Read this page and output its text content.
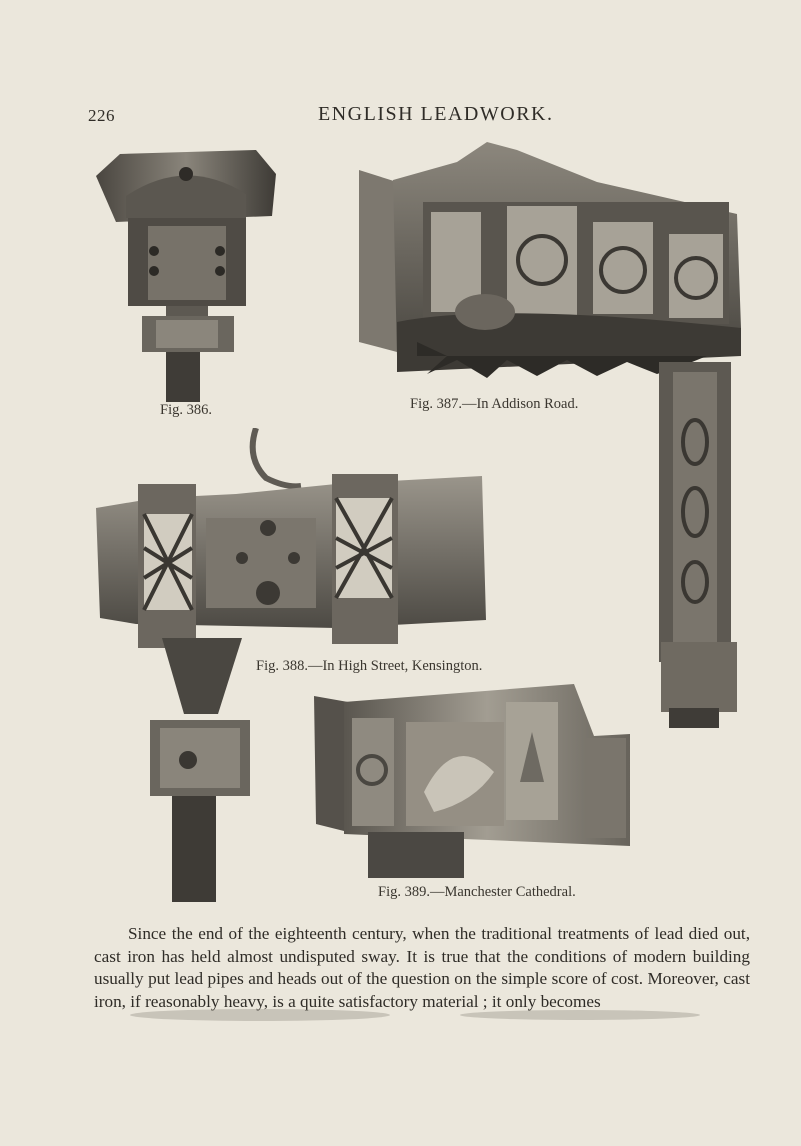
226	ENGLISH LEADWORK.
Fig. 386.	Fig. 387.—In Addison Road.
Fig. 388.—In High Street, Kensington.
Fig. 389.—Manchester Cathedral.

Since the end of the eighteenth century, when the traditional treatments of lead died out, cast iron has held almost undisputed sway. It is true that the conditions of modern building usually put lead pipes and heads out of the question on the simple score of cost. Moreover, cast iron, if reasonably heavy, is a quite satisfactory material ; it only becomes
